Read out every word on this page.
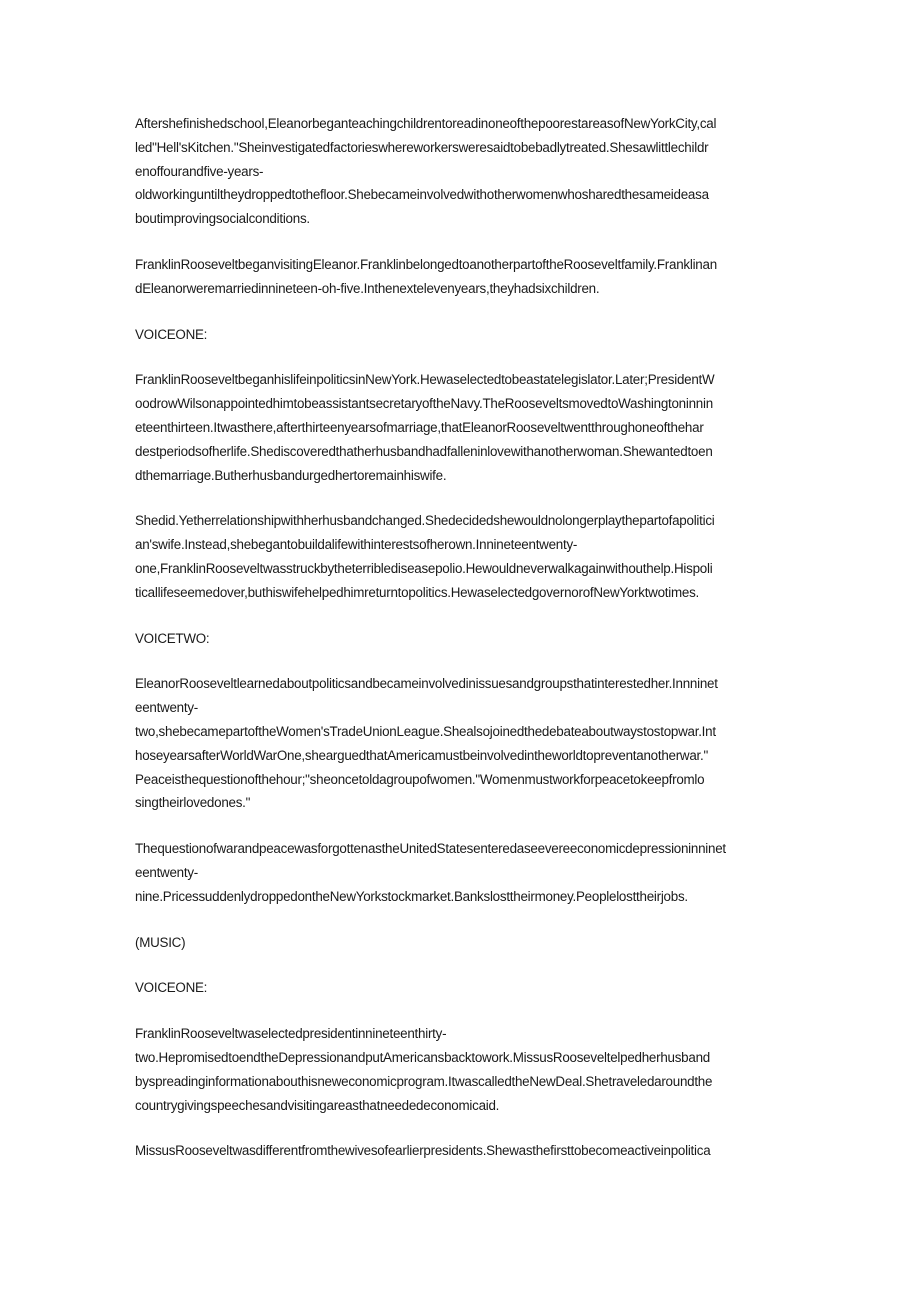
Aftershefinishedschool,EleanorbeganteachingchildrentoreadinoneofthepoorestareasofNewYorkCity,cal
led"Hell'sKitchen."Sheinvestigatedfactorieswhereworkersweresaidtobebadlytreated.Shesawlittlechildr
enoffourandfive-years-
oldworkinguntiltheydroppedtothefloor.Shebecameinvolvedwithotherwomenwhosharedthesameideasa
boutimprovingsocialconditions.

FranklinRooseveltbeganvisitingEleanor.FranklinbelongedtoanotherpartoftheRooseveltfamily.Franklinan
dEleanorweremarriedinnineteen-oh-five.Inthenextelevenyears,theyhadsixchildren.

VOICEONE:

FranklinRooseveltbeganhislifeinpoliticsinNewYork.Hewaselectedtobeastatelegislator.Later;PresidentW
oodrowWilsonappointedhimtobeassistantsecretaryoftheNavy.TheRooseveltsmovedtoWashingtoninnin
eteenthirteen.Itwasthere,afterthirteenyearsofmarriage,thatEleanorRooseveltwentthroughoneofthehar
destperiodsofherlife.Shediscoveredthatherhusbandhadfalleninlovewithanotherwoman.Shewantedtoen
dthemarriage.Butherhusbandurgedhertoremainhiswife.

Shedid.Yetherrelationshipwithherhusbandchanged.Shedecidedshewouldnolongerplaythepartofapolitici
an'swife.Instead,shebegantobuildalifewithinterestsofherown.Innineteentwenty-
one,FranklinRooseveltwasstruckbytheterriblediseasepolio.Hewouldneverwalkagainwithouthelp.Hispoli
ticallifeseemedover,buthiswifehelpedhimreturntopolitics.HewaselectedgovernorofNewYorktwotimes.

VOICETWO:

EleanorRooseveltlearnedaboutpoliticsandbecameinvolvedinissuesandgroupsthatinterestedher.Innninet
eentwenty-
two,shebecamepartoftheWomen'sTradeUnionLeague.Shealsojoinedthedebateaboutwaystostopwar.Int
hoseyearsafterWorldWarOne,shearguedthatAmericamustbeinvolvedintheworldtopreventanotherwar."
Peaceisthequestionofthehour;"sheoncetoldagroupofwomen."Womenmustworkforpeacetokeepfromlo
singtheirlovedones."

ThequestionofwarandpeacewasforgottenastheUnitedStatesenteredaseevereeconomicdepressioninninet
eentwenty-
nine.PricessuddenlydroppedontheNewYorkstockmarket.Bankslosttheirmoney.Peoplelosttheirjobs.

(MUSIC)

VOICEONE:

FranklinRooseveltwaselectedpresidentinnineteenthirty-
two.HepromisedtoendtheDepressionandputAmericansbacktowork.MissusRooseveltelpedherhusband
byspreadinginformationabouthisneweconomicprogram.ItwascalledtheNewDeal.Shetraveledaroundthe
countrygivingspeechesandvisitingareasthatneededeconomicaid.

MissusRooseveltwasdifferentfromthewivesofearlierpresidents.Shewasthefirsttobecomeactiveinpolitica
